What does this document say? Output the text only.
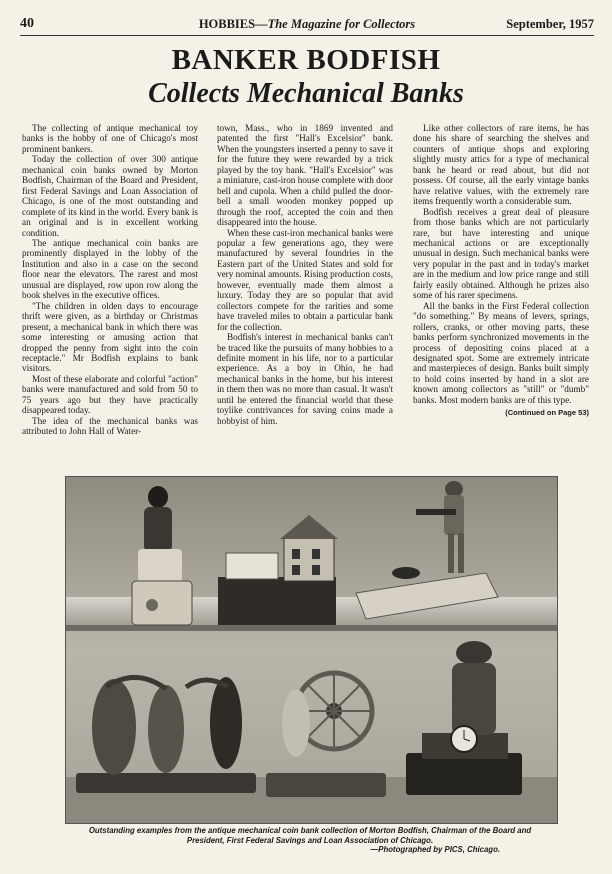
40	HOBBIES—The Magazine for Collectors	September, 1957
BANKER BODFISH
Collects Mechanical Banks

The collecting of antique mechanical toy banks is the hobby of one of Chicago's most prominent bankers.

Today the collection of over 300 antique mechanical coin banks owned by Morton Bodfish, Chairman of the Board and President, first Federal Savings and Loan Association of Chicago, is one of the most outstanding and complete of its kind in the world. Every bank is an original and is in excellent working condition.

The antique mechanical coin banks are prominently displayed in the lobby of the Institution and also in a case on the second floor near the elevators. The rarest and most unusual are displayed, row upon row along the book shelves in the executive offices.

"The children in olden days to encourage thrift were given, as a birthday or Christmas present, a mechanical bank in which there was some interesting or amusing action that dropped the penny from sight into the coin receptacle." Mr Bodfish explains to bank visitors.

Most of these elaborate and colorful "action" banks were manufactured and sold from 50 to 75 years ago but they have practically disappeared today.

The idea of the mechanical banks was attributed to John Hall of Water-

town, Mass., who in 1869 invented and patented the first "Hall's Excelsior" bank. When the youngsters inserted a penny to save it for the future they were rewarded by a trick played by the toy bank. "Hall's Excelsior" was a miniature, cast-iron house complete with door bell and cupola. When a child pulled the door-bell a small wooden monkey popped up through the roof, accepted the coin and then disappeared into the house.

When these cast-iron mechanical banks were popular a few generations ago, they were manufactured by several foundries in the Eastern part of the United States and sold for very nominal amounts. Rising production costs, however, eventually made them almost a luxury. Today they are so popular that avid collectors compete for the rarities and some have traveled miles to obtain a particular bank for the collection.

Bodfish's interest in mechanical banks can't be traced like the pursuits of many hobbies to a definite moment in his life, nor to a particular experience. As a boy in Ohio, he had mechanical banks in the home, but his interest in them then was no more than casual. It wasn't until he entered the financial world that these toylike contrivances for saving coins made a hobbyist of him.

Like other collectors of rare items, he has done his share of searching the shelves and counters of antique shops and exploring slightly musty attics for a type of mechanical bank he heard or read about, but did not possess. Of course, all the early vintage banks have relative values, with the extremely rare items frequently worth a considerable sum.

Bodfish receives a great deal of pleasure from those banks which are not particularly rare, but have interesting and unique mechanical actions or are exceptionally unusual in design. Such mechanical banks were very popular in the past and in today's market are in the medium and low price range and still fairly easily obtained. Although he prizes also some of his rarer specimens.

All the banks in the First Federal collection "do something." By means of levers, springs, rollers, cranks, or other moving parts, these banks perform synchronized movements in the process of depositing coins placed at a designated spot. Some are extremely intricate and masterpieces of design. Banks built simply to hold coins inserted by hand in a slot are known among collectors as "still" or "dumb" banks. Most modern banks are of this type.

(Continued on Page 53)
Outstanding examples from the antique mechanical coin bank collection of Morton Bodfish, Chairman of the Board and President, First Federal Savings and Loan Association of Chicago.
—Photographed by PICS, Chicago.
